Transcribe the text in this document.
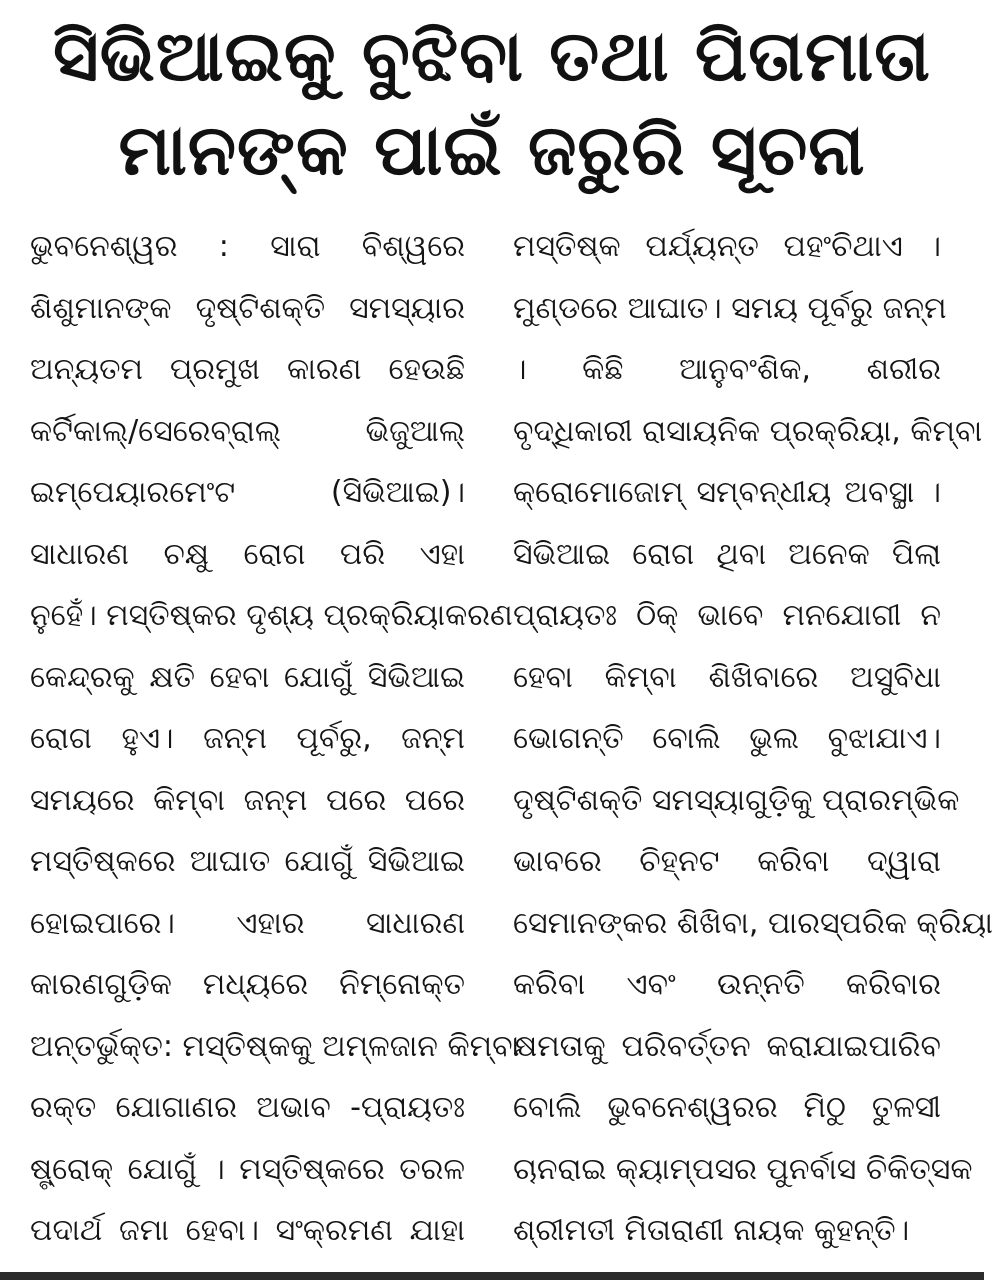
ସିଭିଆଇକୁ ବୁଝିବା ତଥା ପିତାମାତା
ମାନଙ୍କ ପାଇଁ ଜରୁରି ସୂଚନା
ଭୁବନେଶ୍ୱର : ସାରା ବିଶ୍ୱରେ
ଶିଶୁମାନଙ୍କ ଦୃଷ୍ଟିଶକ୍ତି ସମସ୍ୟାର
ଅନ୍ୟତମ ପ୍ରମୁଖ କାରଣ ହେଉଛି
କର୍ଟିକାଲ୍/ସେରେବ୍ରାଲ୍ ଭିଜୁଆଲ୍
ଇମ୍ପେୟାରମେଂଟ (ସିଭିଆଇ)।
ସାଧାରଣ ଚକ୍ଷୁ ରୋଗ ପରି ଏହା
ନୁହେଁ। ମସ୍ତିଷ୍କର ଦୃଶ୍ୟ ପ୍ରକ୍ରିୟାକରଣ
କେନ୍ଦ୍ରକୁ କ୍ଷତି ହେବା ଯୋଗୁଁ ସିଭିଆଇ
ରୋଗ ହୁଏ। ଜନ୍ମ ପୂର୍ବରୁ, ଜନ୍ମ
ସମୟରେ କିମ୍ବା ଜନ୍ମ ପରେ ପରେ
ମସ୍ତିଷ୍କରେ ଆଘାତ ଯୋଗୁଁ ସିଭିଆଇ
ହୋଇପାରେ। ଏହାର ସାଧାରଣ
କାରଣଗୁଡ଼ିକ ମଧ୍ୟରେ ନିମ୍ନୋକ୍ତ
ଅନ୍ତର୍ଭୁକ୍ତ: ମସ୍ତିଷ୍କକୁ ଅମ୍ଳଜାନ କିମ୍ବା
ରକ୍ତ ଯୋଗାଣର ଅଭାବ -ପ୍ରାୟତଃ
ଷ୍ଟ୍ରୋକ୍ ଯୋଗୁଁ । ମସ୍ତିଷ୍କରେ ତରଳ
ପଦାର୍ଥ ଜମା ହେବା। ସଂକ୍ରମଣ ଯାହା
ମସ୍ତିଷ୍କ ପର୍ଯ୍ୟନ୍ତ ପହଂଚିଥାଏ ।
ମୁଣ୍ଡରେ ଆଘାତ। ସମୟ ପୂର୍ବରୁ ଜନ୍ମ
। କିଛି ଆନୁବଂଶିକ, ଶରୀର
ବୃଦ୍ଧିକାରୀ ରାସାୟନିକ ପ୍ରକ୍ରିୟା, କିମ୍ବା
କ୍ରୋମୋଜୋମ୍ ସମ୍ବନ୍ଧୀୟ ଅବସ୍ଥା ।
ସିଭିଆଇ ରୋଗ ଥିବା ଅନେକ ପିଲା
ପ୍ରାୟତଃ ଠିକ୍ ଭାବେ ମନଯୋଗୀ ନ
ହେବା କିମ୍ବା ଶିଖିବାରେ ଅସୁବିଧା
ଭୋଗନ୍ତି ବୋଲି ଭୁଲ ବୁଝାଯାଏ।
ଦୃଷ୍ଟିଶକ୍ତି ସମସ୍ୟାଗୁଡ଼ିକୁ ପ୍ରାରମ୍ଭିକ
ଭାବରେ ଚିହ୍ନଟ କରିବା ଦ୍ୱାରା
ସେମାନଙ୍କର ଶିଖିବା, ପାରସ୍ପରିକ କ୍ରିୟା
କରିବା ଏବଂ ଉନ୍ନତି କରିବାର
କ୍ଷମତାକୁ ପରିବର୍ତ୍ତନ କରାଯାଇପାରିବ
ବୋଲି ଭୁବନେଶ୍ୱରର ମିଠୁ ତୁଳସୀ
ଚାନରାଇ କ୍ୟାମ୍ପସର ପୁନର୍ବାସ ଚିକିତ୍ସକ
ଶ୍ରୀମତୀ ମିତାରାଣୀ ନାୟକ କୁହନ୍ତି।
